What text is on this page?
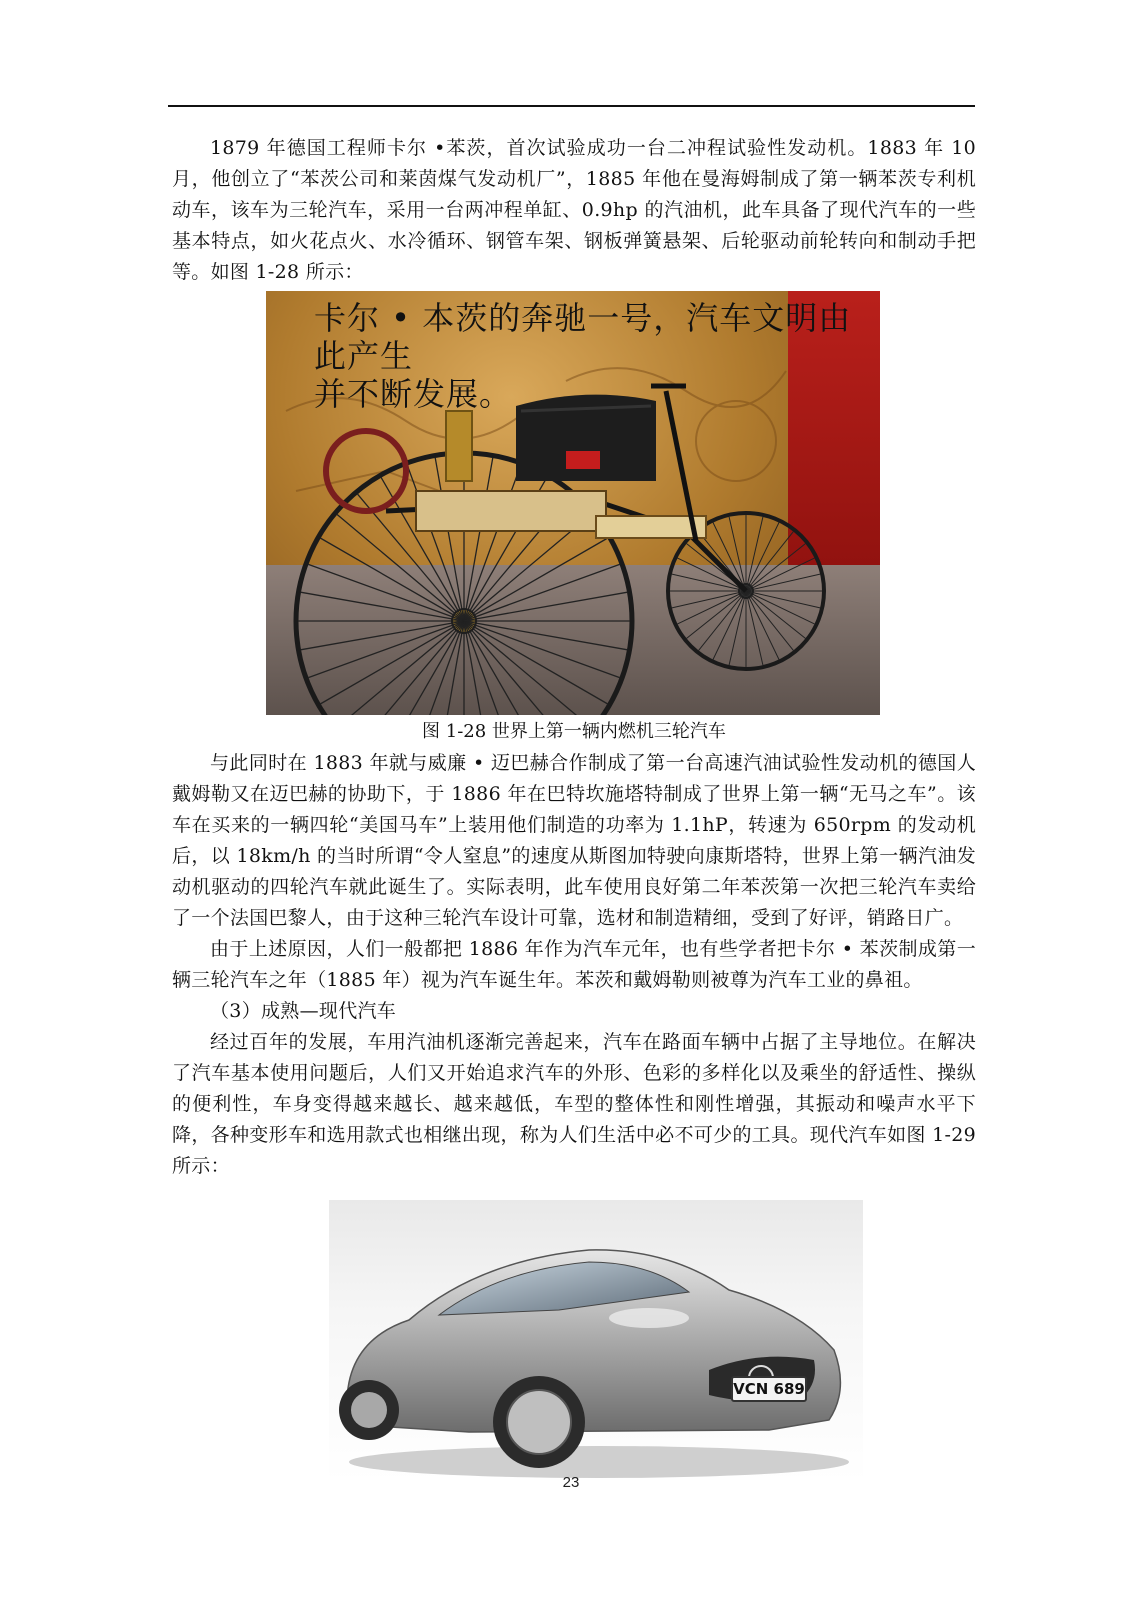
1879 年德国工程师卡尔 •苯茨，首次试验成功一台二冲程试验性发动机。1883 年 10 月，他创立了“苯茨公司和莱茵煤气发动机厂”，1885 年他在曼海姆制成了第一辆苯茨专利机动车，该车为三轮汽车，采用一台两冲程单缸、0.9hp 的汽油机，此车具备了现代汽车的一些基本特点，如火花点火、水冷循环、钢管车架、钢板弹簧悬架、后轮驱动前轮转向和制动手把等。如图 1-28 所示：

卡尔 • 本茨的奔驰一号，汽车文明由此产生
并不断发展。
图 1-28 世界上第一辆内燃机三轮汽车

与此同时在 1883 年就与威廉 • 迈巴赫合作制成了第一台高速汽油试验性发动机的德国人戴姆勒又在迈巴赫的协助下，于 1886 年在巴特坎施塔特制成了世界上第一辆“无马之车”。该车在买来的一辆四轮“美国马车”上装用他们制造的功率为 1.1hP，转速为 650rpm 的发动机后，以 18km/h 的当时所谓“令人窒息”的速度从斯图加特驶向康斯塔特，世界上第一辆汽油发动机驱动的四轮汽车就此诞生了。实际表明，此车使用良好第二年苯茨第一次把三轮汽车卖给了一个法国巴黎人，由于这种三轮汽车设计可靠，选材和制造精细，受到了好评，销路日广。

由于上述原因，人们一般都把 1886 年作为汽车元年，也有些学者把卡尔 • 苯茨制成第一辆三轮汽车之年（1885 年）视为汽车诞生年。苯茨和戴姆勒则被尊为汽车工业的鼻祖。

（3）成熟—现代汽车

经过百年的发展，车用汽油机逐渐完善起来，汽车在路面车辆中占据了主导地位。在解决了汽车基本使用问题后，人们又开始追求汽车的外形、色彩的多样化以及乘坐的舒适性、操纵的便利性，车身变得越来越长、越来越低，车型的整体性和刚性增强，其振动和噪声水平下降，各种变形车和选用款式也相继出现，称为人们生活中必不可少的工具。现代汽车如图 1-29 所示：

VCN 689
23
